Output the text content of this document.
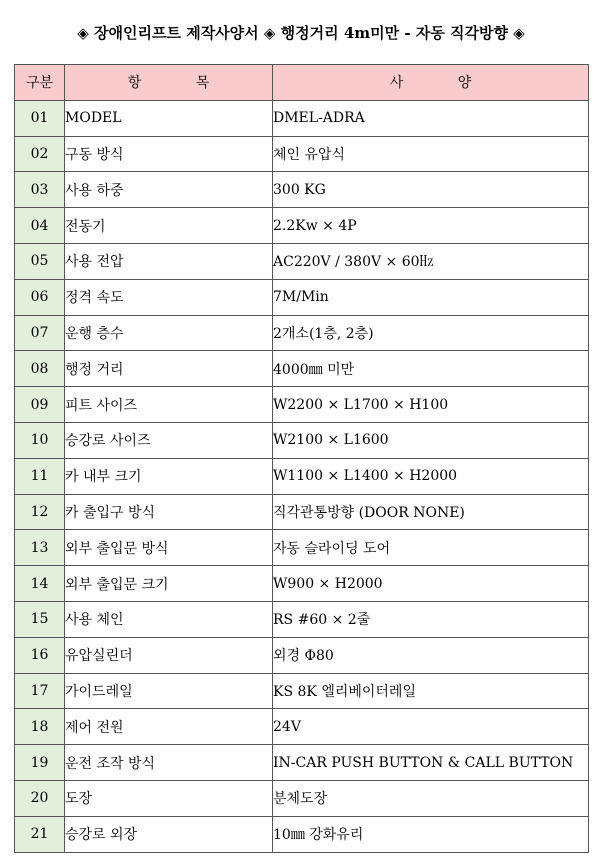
◈ 장애인리프트 제작사양서 ◈ 행정거리 4m미만 - 자동 직각방향 ◈
구분	항 목	사 양
01	MODEL	DMEL-ADRA
02	구동 방식	체인 유압식
03	사용 하중	300 KG
04	전동기	2.2Kw × 4P
05	사용 전압	AC220V / 380V × 60㎐
06	정격 속도	7M/Min
07	운행 층수	2개소(1층, 2층)
08	행정 거리	4000㎜ 미만
09	피트 사이즈	W2200 × L1700 × H100
10	승강로 사이즈	W2100 × L1600
11	카 내부 크기	W1100 × L1400 × H2000
12	카 출입구 방식	직각관통방향 (DOOR NONE)
13	외부 출입문 방식	자동 슬라이딩 도어
14	외부 출입문 크기	W900 × H2000
15	사용 체인	RS #60 × 2줄
16	유압실린더	외경 Φ80
17	가이드레일	KS 8K 엘리베이터레일
18	제어 전원	24V
19	운전 조작 방식	IN-CAR PUSH BUTTON & CALL BUTTON
20	도장	분체도장
21	승강로 외장	10㎜ 강화유리
